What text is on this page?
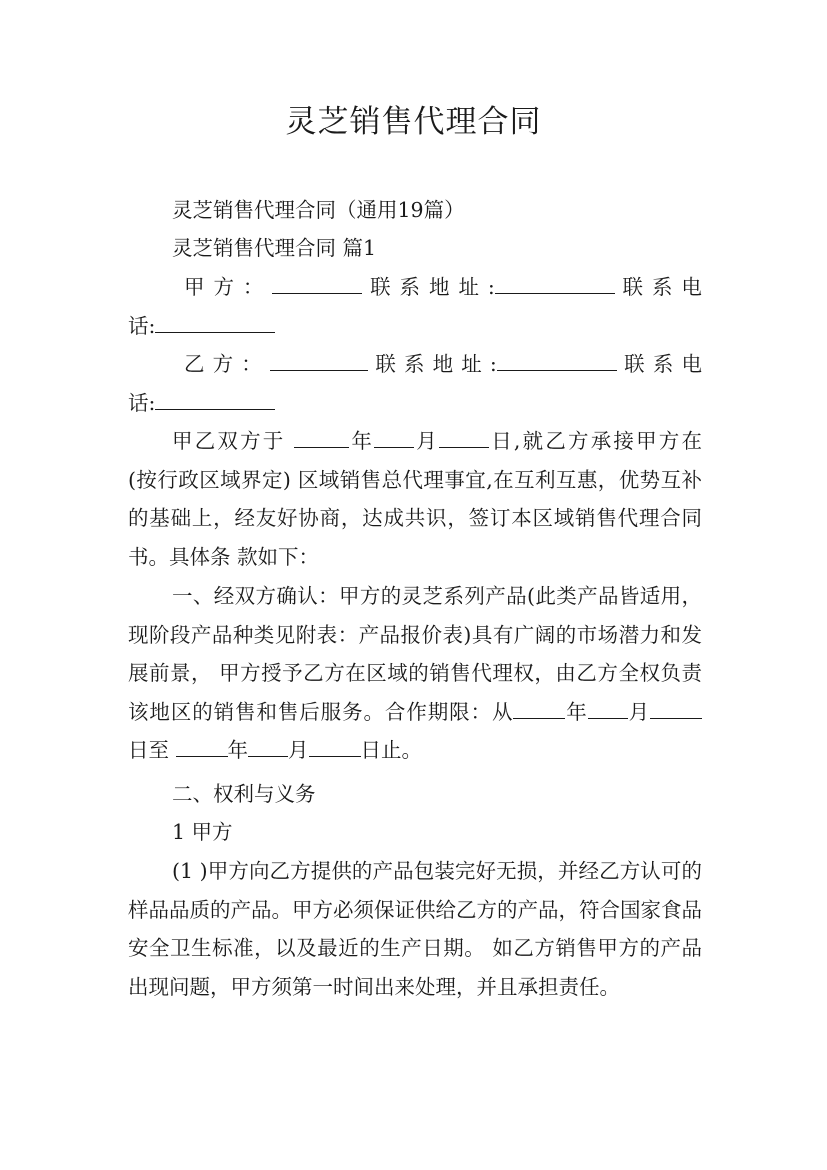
灵芝销售代理合同

灵芝销售代理合同（通用19篇）

灵芝销售代理合同 篇1

甲 方 ：	联 系 地 址 :	联 系 电
话:
乙 方 ：	联 系 地 址 :	联 系 电
话:
甲乙双方于	年 月 日,就乙方承接甲方在
(按行政区域界定) 区域销售总代理事宜,在互利互惠，优势互补的基础上，经友好协商，达成共识，签订本区域销售代理合同书。具体条 款如下：
一、经双方确认：甲方的灵芝系列产品(此类产品皆适用，现阶段产品种类见附表：产品报价表)具有广阔的市场潜力和发展前景， 甲方授予乙方在区域的销售代理权，由乙方全权负责该地区的销售和售后服务。合作期限：从	年 月日至	年 月	日止。

二、权利与义务

1 甲方

(1 )甲方向乙方提供的产品包装完好无损，并经乙方认可的样品品质的产品。甲方必须保证供给乙方的产品，符合国家食品安全卫生标准，以及最近的生产日期。 如乙方销售甲方的产品出现问题，甲方须第一时间出来处理，并且承担责任。
